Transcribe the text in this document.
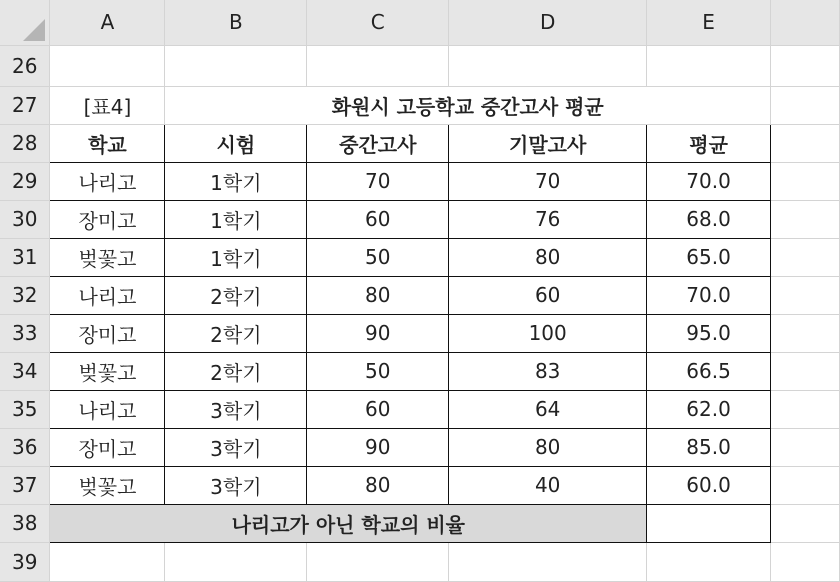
	A	B	C	D	E	
26						
27	[표4]	화원시 고등학교 중간고사 평균				
28	학교	시험	중간고사	기말고사	평균	
29	나리고	1학기	70	70	70.0	
30	장미고	1학기	60	76	68.0	
31	벚꽃고	1학기	50	80	65.0	
32	나리고	2학기	80	60	70.0	
33	장미고	2학기	90	100	95.0	
34	벚꽃고	2학기	50	83	66.5	
35	나리고	3학기	60	64	62.0	
36	장미고	3학기	90	80	85.0	
37	벚꽃고	3학기	80	40	60.0	
38	나리고가 아닌 학교의 비율					
39						
